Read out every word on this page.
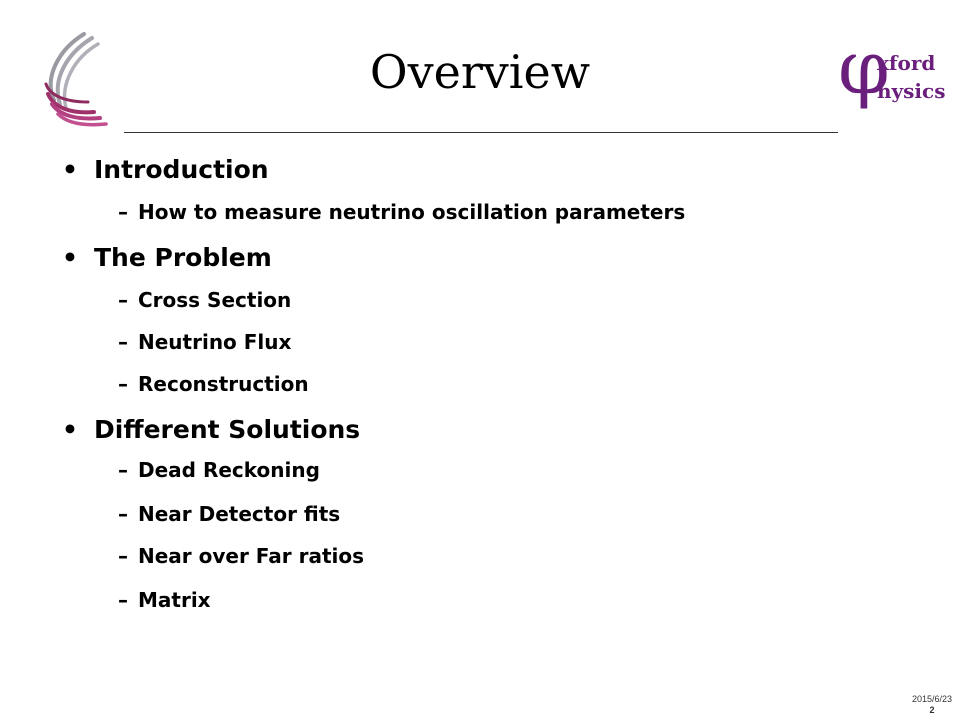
Overview	φ
xford
hysics
• Introduction
– How to measure neutrino oscillation parameters
• The Problem
– Cross Section
– Neutrino Flux
– Reconstruction
• Different Solutions
– Dead Reckoning
– Near Detector fits
– Near over Far ratios
– Matrix
2015/6/23
2
